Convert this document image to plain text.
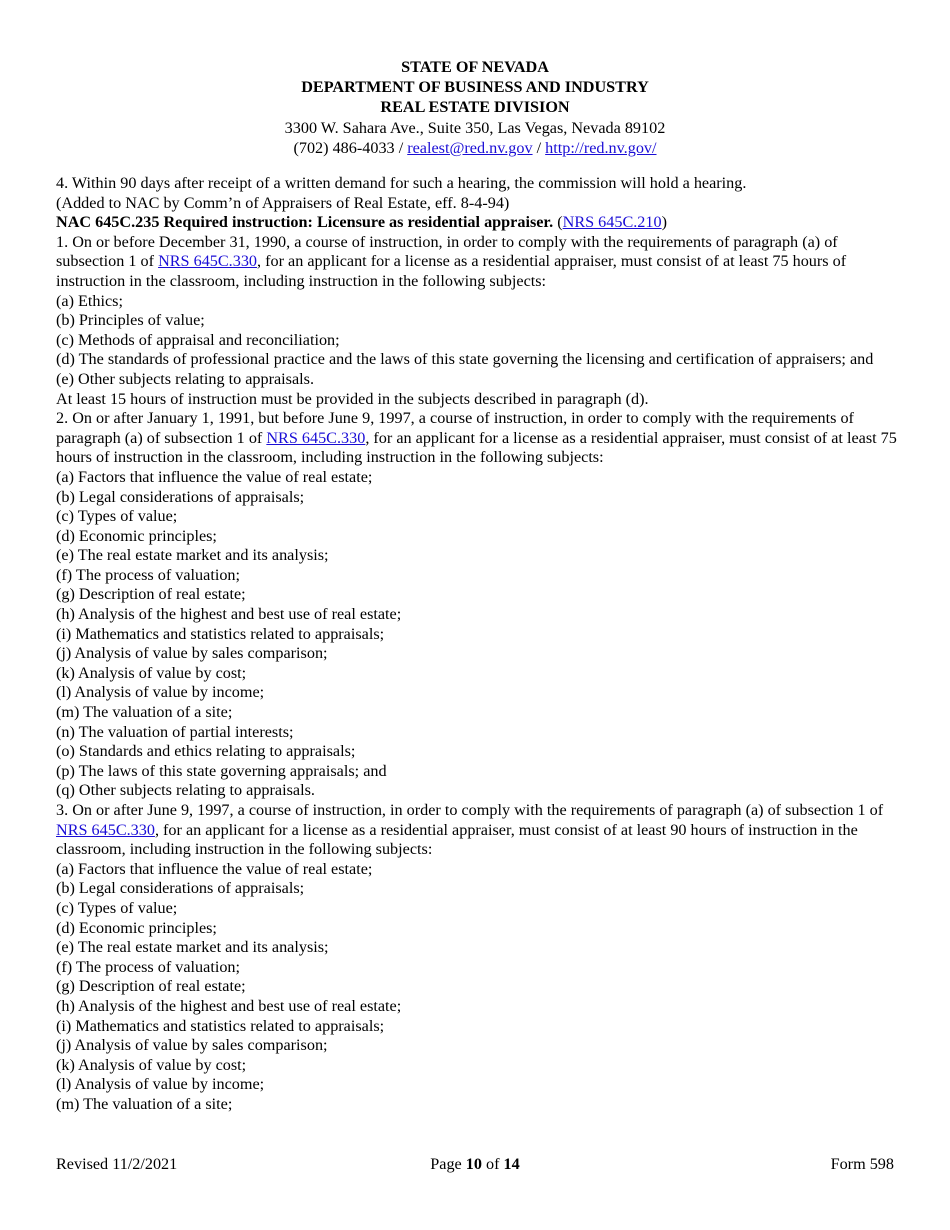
STATE OF NEVADA
DEPARTMENT OF BUSINESS AND INDUSTRY
REAL ESTATE DIVISION
3300 W. Sahara Ave., Suite 350, Las Vegas, Nevada 89102
(702) 486-4033 / realest@red.nv.gov / http://red.nv.gov/
4. Within 90 days after receipt of a written demand for such a hearing, the commission will hold a hearing.
(Added to NAC by Comm’n of Appraisers of Real Estate, eff. 8-4-94)
NAC 645C.235 Required instruction: Licensure as residential appraiser. (NRS 645C.210)
1. On or before December 31, 1990, a course of instruction, in order to comply with the requirements of paragraph (a) of subsection 1 of NRS 645C.330, for an applicant for a license as a residential appraiser, must consist of at least 75 hours of instruction in the classroom, including instruction in the following subjects:
(a) Ethics;
(b) Principles of value;
(c) Methods of appraisal and reconciliation;
(d) The standards of professional practice and the laws of this state governing the licensing and certification of appraisers; and
(e) Other subjects relating to appraisals.
At least 15 hours of instruction must be provided in the subjects described in paragraph (d).
2. On or after January 1, 1991, but before June 9, 1997, a course of instruction, in order to comply with the requirements of paragraph (a) of subsection 1 of NRS 645C.330, for an applicant for a license as a residential appraiser, must consist of at least 75 hours of instruction in the classroom, including instruction in the following subjects:
(a) Factors that influence the value of real estate;
(b) Legal considerations of appraisals;
(c) Types of value;
(d) Economic principles;
(e) The real estate market and its analysis;
(f) The process of valuation;
(g) Description of real estate;
(h) Analysis of the highest and best use of real estate;
(i) Mathematics and statistics related to appraisals;
(j) Analysis of value by sales comparison;
(k) Analysis of value by cost;
(l) Analysis of value by income;
(m) The valuation of a site;
(n) The valuation of partial interests;
(o) Standards and ethics relating to appraisals;
(p) The laws of this state governing appraisals; and
(q) Other subjects relating to appraisals.
3. On or after June 9, 1997, a course of instruction, in order to comply with the requirements of paragraph (a) of subsection 1 of NRS 645C.330, for an applicant for a license as a residential appraiser, must consist of at least 90 hours of instruction in the classroom, including instruction in the following subjects:
(a) Factors that influence the value of real estate;
(b) Legal considerations of appraisals;
(c) Types of value;
(d) Economic principles;
(e) The real estate market and its analysis;
(f) The process of valuation;
(g) Description of real estate;
(h) Analysis of the highest and best use of real estate;
(i) Mathematics and statistics related to appraisals;
(j) Analysis of value by sales comparison;
(k) Analysis of value by cost;
(l) Analysis of value by income;
(m) The valuation of a site;
Revised 11/2/2021	Page 10 of 14	Form 598
